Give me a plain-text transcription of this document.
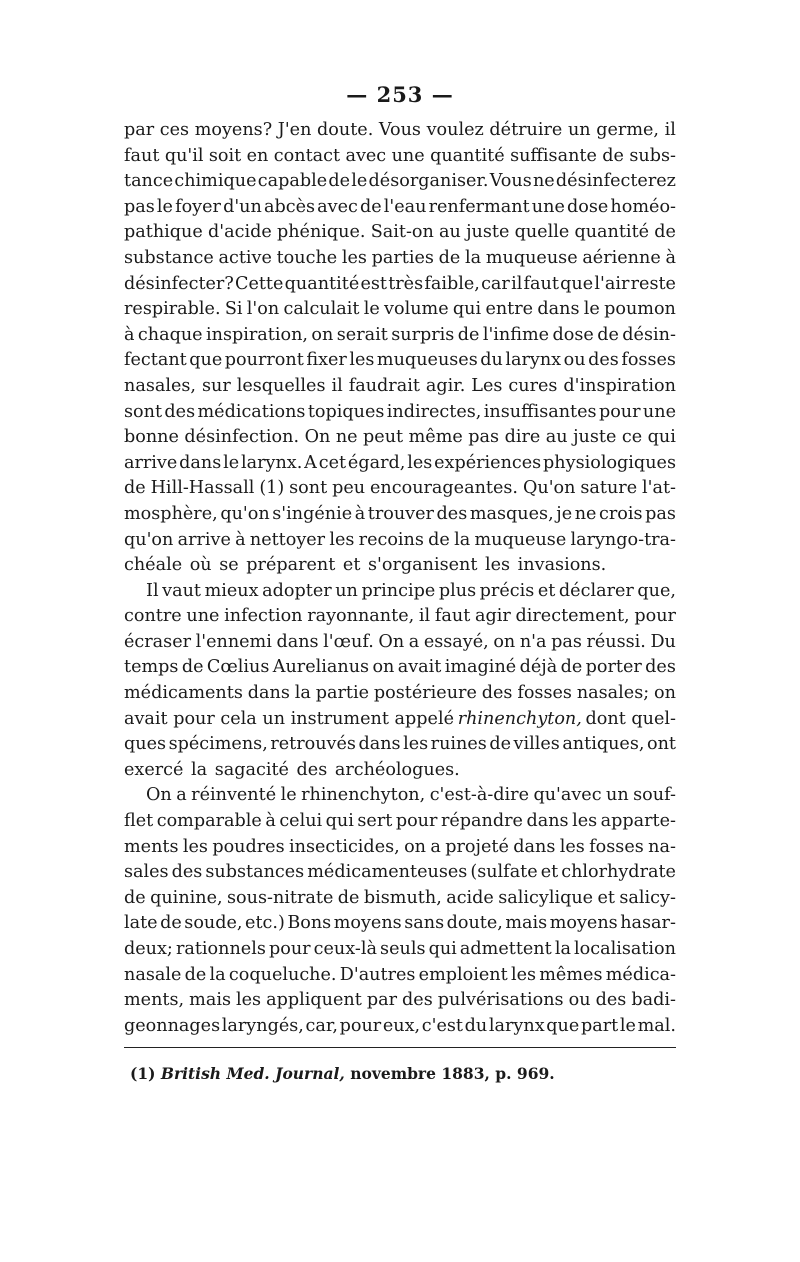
— 253 —
par ces moyens? J'en doute. Vous voulez détruire un germe, il
faut qu'il soit en contact avec une quantité suffisante de subs-
tance chimique capable de le désorganiser. Vous ne désinfecterez
pas le foyer d'un abcès avec de l'eau renfermant une dose homéo-
pathique d'acide phénique. Sait-on au juste quelle quantité de
substance active touche les parties de la muqueuse aérienne à
désinfecter? Cette quantité est très faible, car il faut que l'air reste
respirable. Si l'on calculait le volume qui entre dans le poumon
à chaque inspiration, on serait surpris de l'infime dose de désin-
fectant que pourront fixer les muqueuses du larynx ou des fosses
nasales, sur lesquelles il faudrait agir. Les cures d'inspiration
sont des médications topiques indirectes, insuffisantes pour une
bonne désinfection. On ne peut même pas dire au juste ce qui
arrive dans le larynx. A cet égard, les expériences physiologiques
de Hill-Hassall (1) sont peu encourageantes. Qu'on sature l'at-
mosphère, qu'on s'ingénie à trouver des masques, je ne crois pas
qu'on arrive à nettoyer les recoins de la muqueuse laryngo-tra-
chéale où se préparent et s'organisent les invasions.
Il vaut mieux adopter un principe plus précis et déclarer que,
contre une infection rayonnante, il faut agir directement, pour
écraser l'ennemi dans l'œuf. On a essayé, on n'a pas réussi. Du
temps de Cœlius Aurelianus on avait imaginé déjà de porter des
médicaments dans la partie postérieure des fosses nasales; on
avait pour cela un instrument appelé rhinenchyton, dont quel-
ques spécimens, retrouvés dans les ruines de villes antiques, ont
exercé la sagacité des archéologues.
On a réinventé le rhinenchyton, c'est-à-dire qu'avec un souf-
flet comparable à celui qui sert pour répandre dans les apparte-
ments les poudres insecticides, on a projeté dans les fosses na-
sales des substances médicamenteuses (sulfate et chlorhydrate
de quinine, sous-nitrate de bismuth, acide salicylique et salicy-
late de soude, etc.) Bons moyens sans doute, mais moyens hasar-
deux; rationnels pour ceux-là seuls qui admettent la localisation
nasale de la coqueluche. D'autres emploient les mêmes médica-
ments, mais les appliquent par des pulvérisations ou des badi-
geonnages laryngés, car, pour eux, c'est du larynx que part le mal.
(1) British Med. Journal, novembre 1883, p. 969.
